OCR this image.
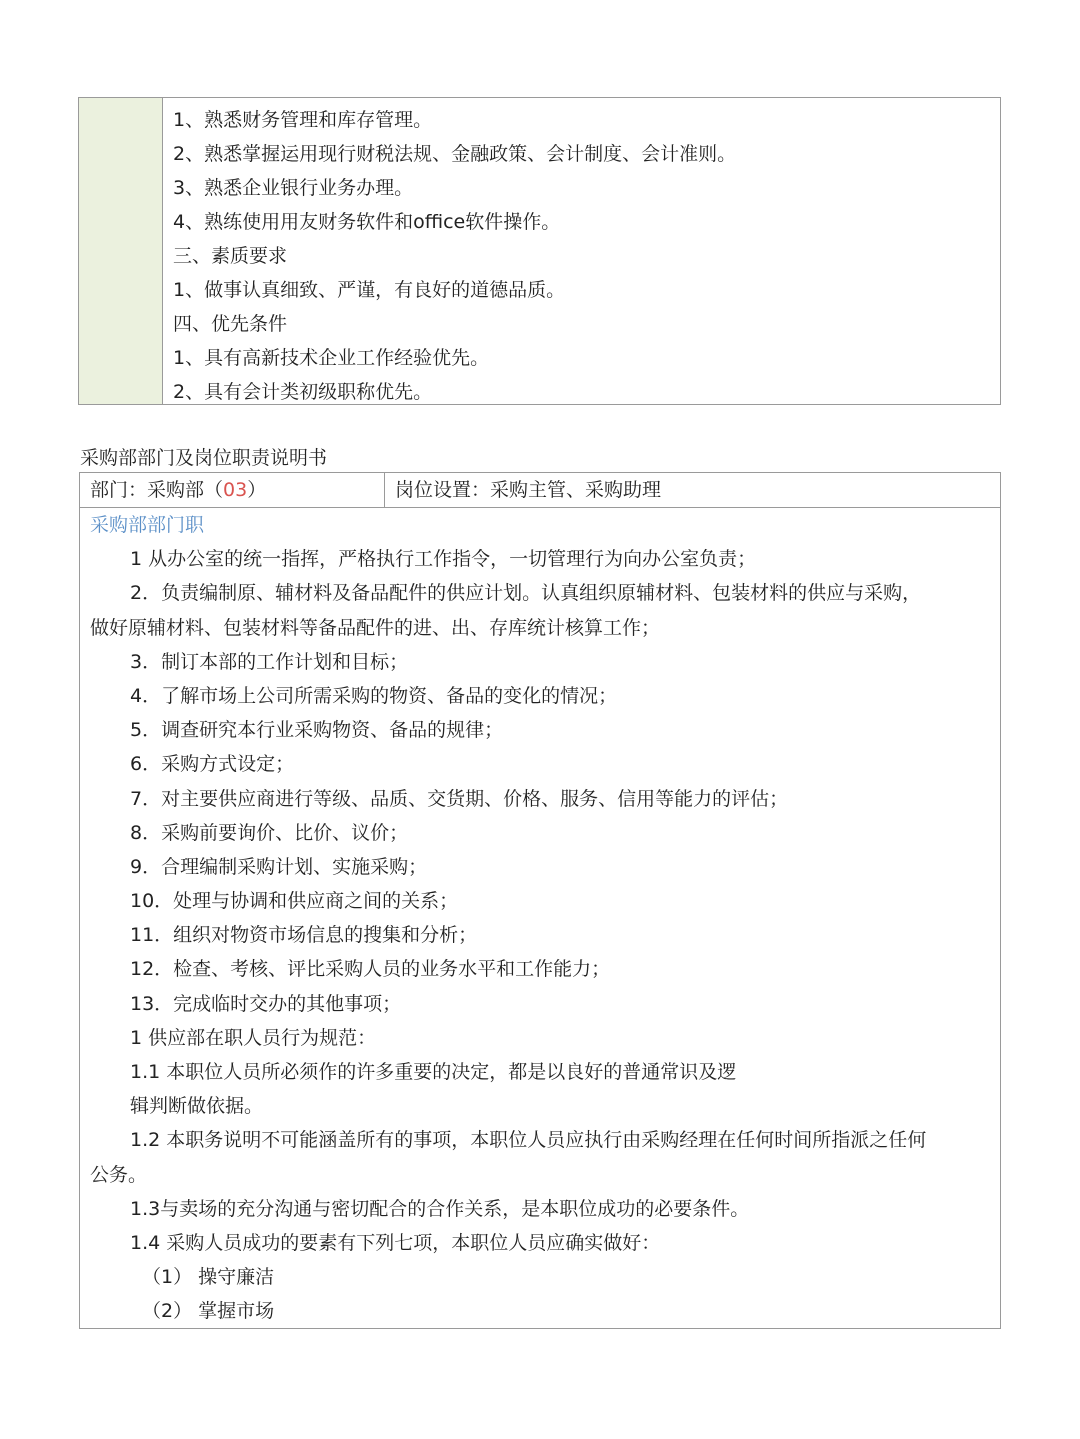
1、熟悉财务管理和库存管理。
2、熟悉掌握运用现行财税法规、金融政策、会计制度、会计准则。
3、熟悉企业银行业务办理。
4、熟练使用用友财务软件和office软件操作。
三、素质要求
1、做事认真细致、严谨，有良好的道德品质。
四、优先条件
1、具有高新技术企业工作经验优先。
2、具有会计类初级职称优先。
采购部部门及岗位职责说明书
部门：采购部（03）	岗位设置：采购主管、采购助理
采购部部门职
1 从办公室的统一指挥，严格执行工作指令，一切管理行为向办公室负责；
2．负责编制原、辅材料及备品配件的供应计划。认真组织原辅材料、包装材料的供应与采购，
做好原辅材料、包装材料等备品配件的进、出、存库统计核算工作；
3．制订本部的工作计划和目标；
4．了解市场上公司所需采购的物资、备品的变化的情况；
5．调查研究本行业采购物资、备品的规律；
6．采购方式设定；
7．对主要供应商进行等级、品质、交货期、价格、服务、信用等能力的评估；
8．采购前要询价、比价、议价；
9．合理编制采购计划、实施采购；
10．处理与协调和供应商之间的关系；
11．组织对物资市场信息的搜集和分析；
12．检查、考核、评比采购人员的业务水平和工作能力；
13．完成临时交办的其他事项；
1 供应部在职人员行为规范：
1.1 本职位人员所必须作的许多重要的决定，都是以良好的普通常识及逻
辑判断做依据。
1.2 本职务说明不可能涵盖所有的事项，本职位人员应执行由采购经理在任何时间所指派之任何
公务。
1.3与卖场的充分沟通与密切配合的合作关系，是本职位成功的必要条件。
1.4 采购人员成功的要素有下列七项，本职位人员应确实做好：
（1） 操守廉洁
（2） 掌握市场
